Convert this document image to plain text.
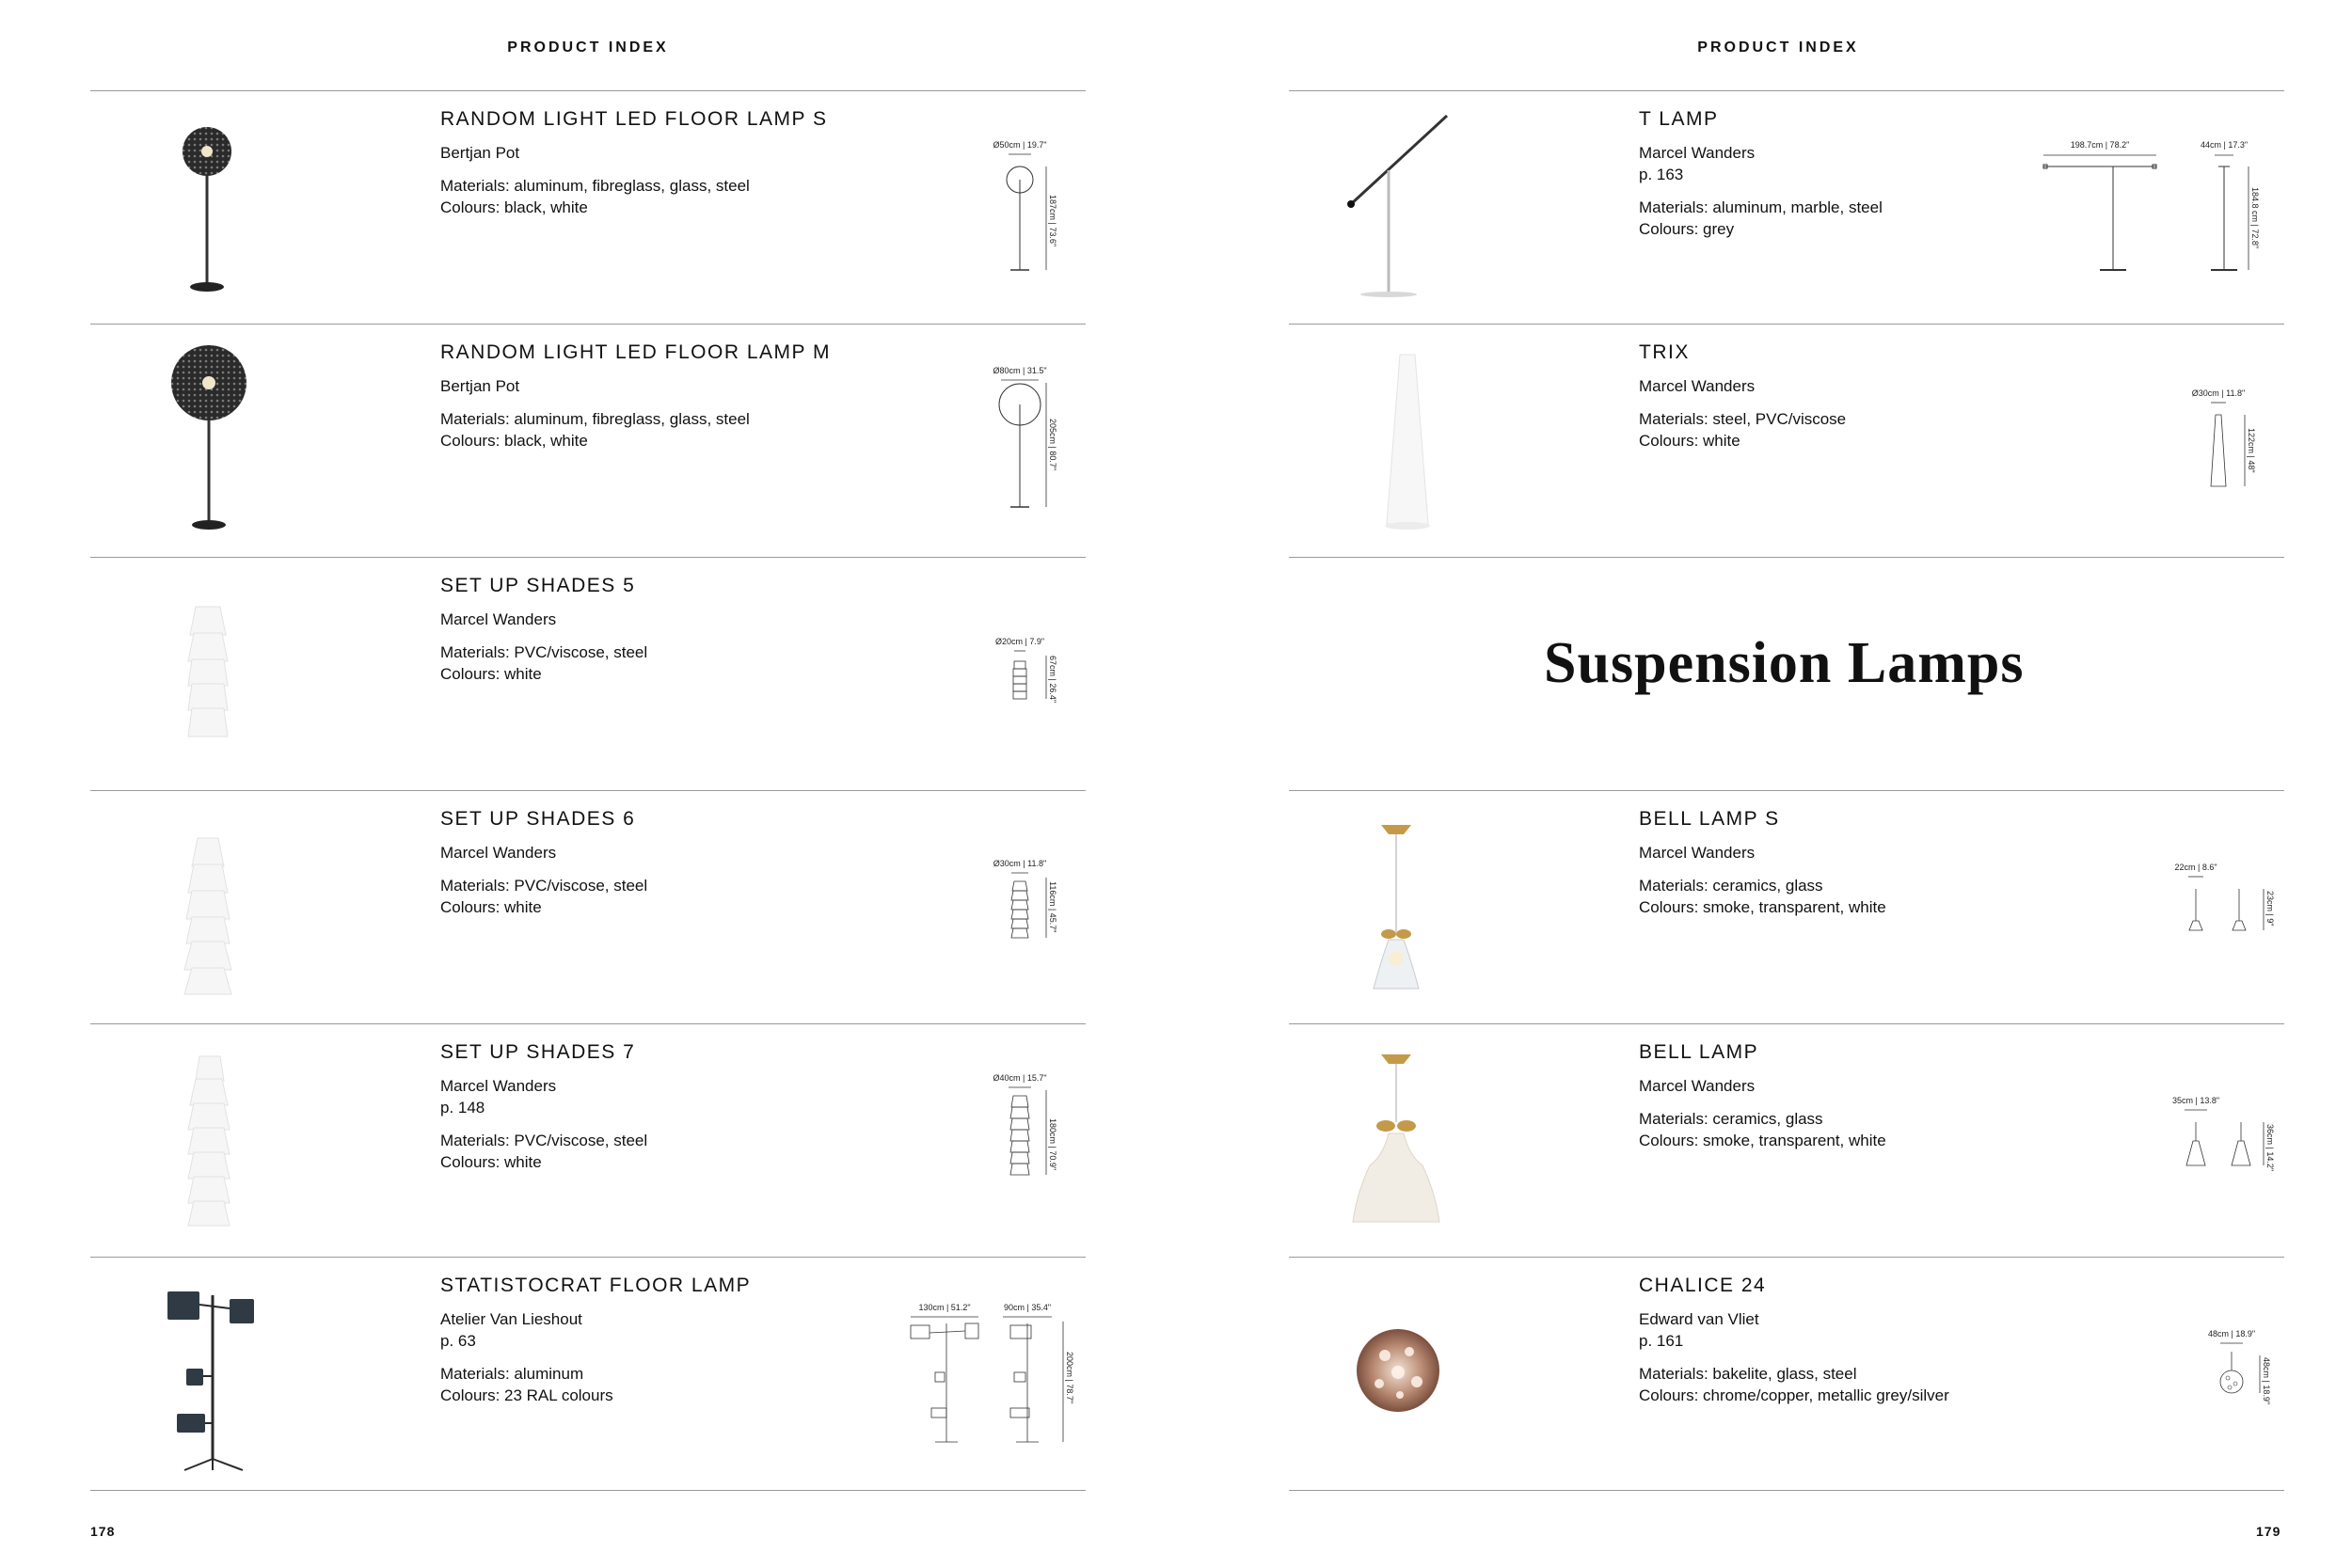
PRODUCT INDEX

RANDOM LIGHT LED FLOOR LAMP S

Bertjan Pot

Materials: aluminum, fibreglass, glass, steel

Colours: black, white

Ø50cm | 19.7"
187cm | 73.6"

RANDOM LIGHT LED FLOOR LAMP M

Bertjan Pot

Materials: aluminum, fibreglass, glass, steel

Colours: black, white

Ø80cm | 31.5"
205cm | 80.7"

SET UP SHADES 5

Marcel Wanders

Materials: PVC/viscose, steel

Colours: white

Ø20cm | 7.9"
67cm | 26.4"

SET UP SHADES 6

Marcel Wanders

Materials: PVC/viscose, steel

Colours: white

Ø30cm | 11.8"
116cm | 45.7"

SET UP SHADES 7

Marcel Wanders

p. 148

Materials: PVC/viscose, steel

Colours: white

Ø40cm | 15.7"
180cm | 70.9"

STATISTOCRAT FLOOR LAMP

Atelier Van Lieshout

p. 63

Materials: aluminum

Colours: 23 RAL colours

130cm | 51.2"	90cm | 35.4"
200cm | 78.7"
178
PRODUCT INDEX

T LAMP

Marcel Wanders

p. 163

Materials: aluminum, marble, steel

Colours: grey

198.7cm | 78.2"	44cm | 17.3"
184.8 cm | 72.8"

TRIX

Marcel Wanders

Materials: steel, PVC/viscose

Colours: white

Ø30cm | 11.8"
122cm | 48"
Suspension Lamps

BELL LAMP S

Marcel Wanders

Materials: ceramics, glass

Colours: smoke, transparent, white

22cm | 8.6"
23cm | 9"

BELL LAMP

Marcel Wanders

Materials: ceramics, glass

Colours: smoke, transparent, white

35cm | 13.8"
36cm | 14.2"

CHALICE 24

Edward van Vliet

p. 161

Materials: bakelite, glass, steel

Colours: chrome/copper, metallic grey/silver

48cm | 18.9"
48cm | 18.9"
179
